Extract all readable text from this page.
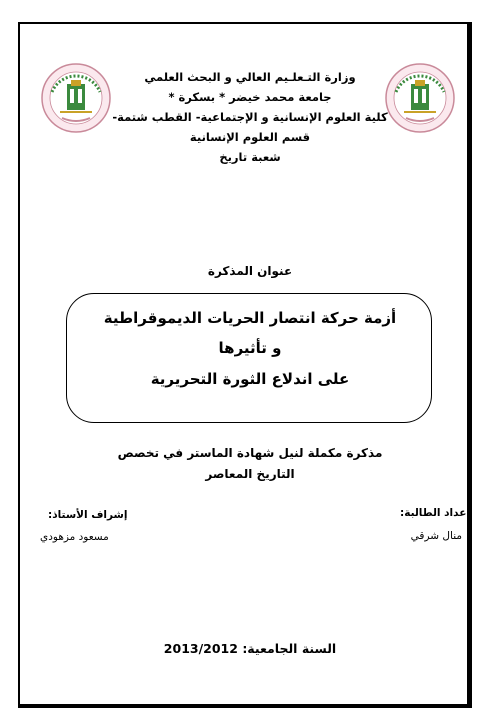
وزارة التـعلـيم العالي و البحث العلمي
جامعة محمد خيضر * بسكرة *
كلية العلوم الإنسانية و الإجتماعية- القطب شتمة-
قسم العلوم الإنسانية
شعبة تاريخ
عنوان المذكرة
أزمة حركة انتصار الحريات الديموقراطية
و تأثيرها
على اندلاع الثورة التحريرية
مذكرة مكملة لنيل شهادة الماستر في تخصص
التاريخ المعاصر
إعداد الطالبة:
منال شرقي
إشراف الأستاذ:
مسعود مزهودي
السنة الجامعية: 2013/2012
